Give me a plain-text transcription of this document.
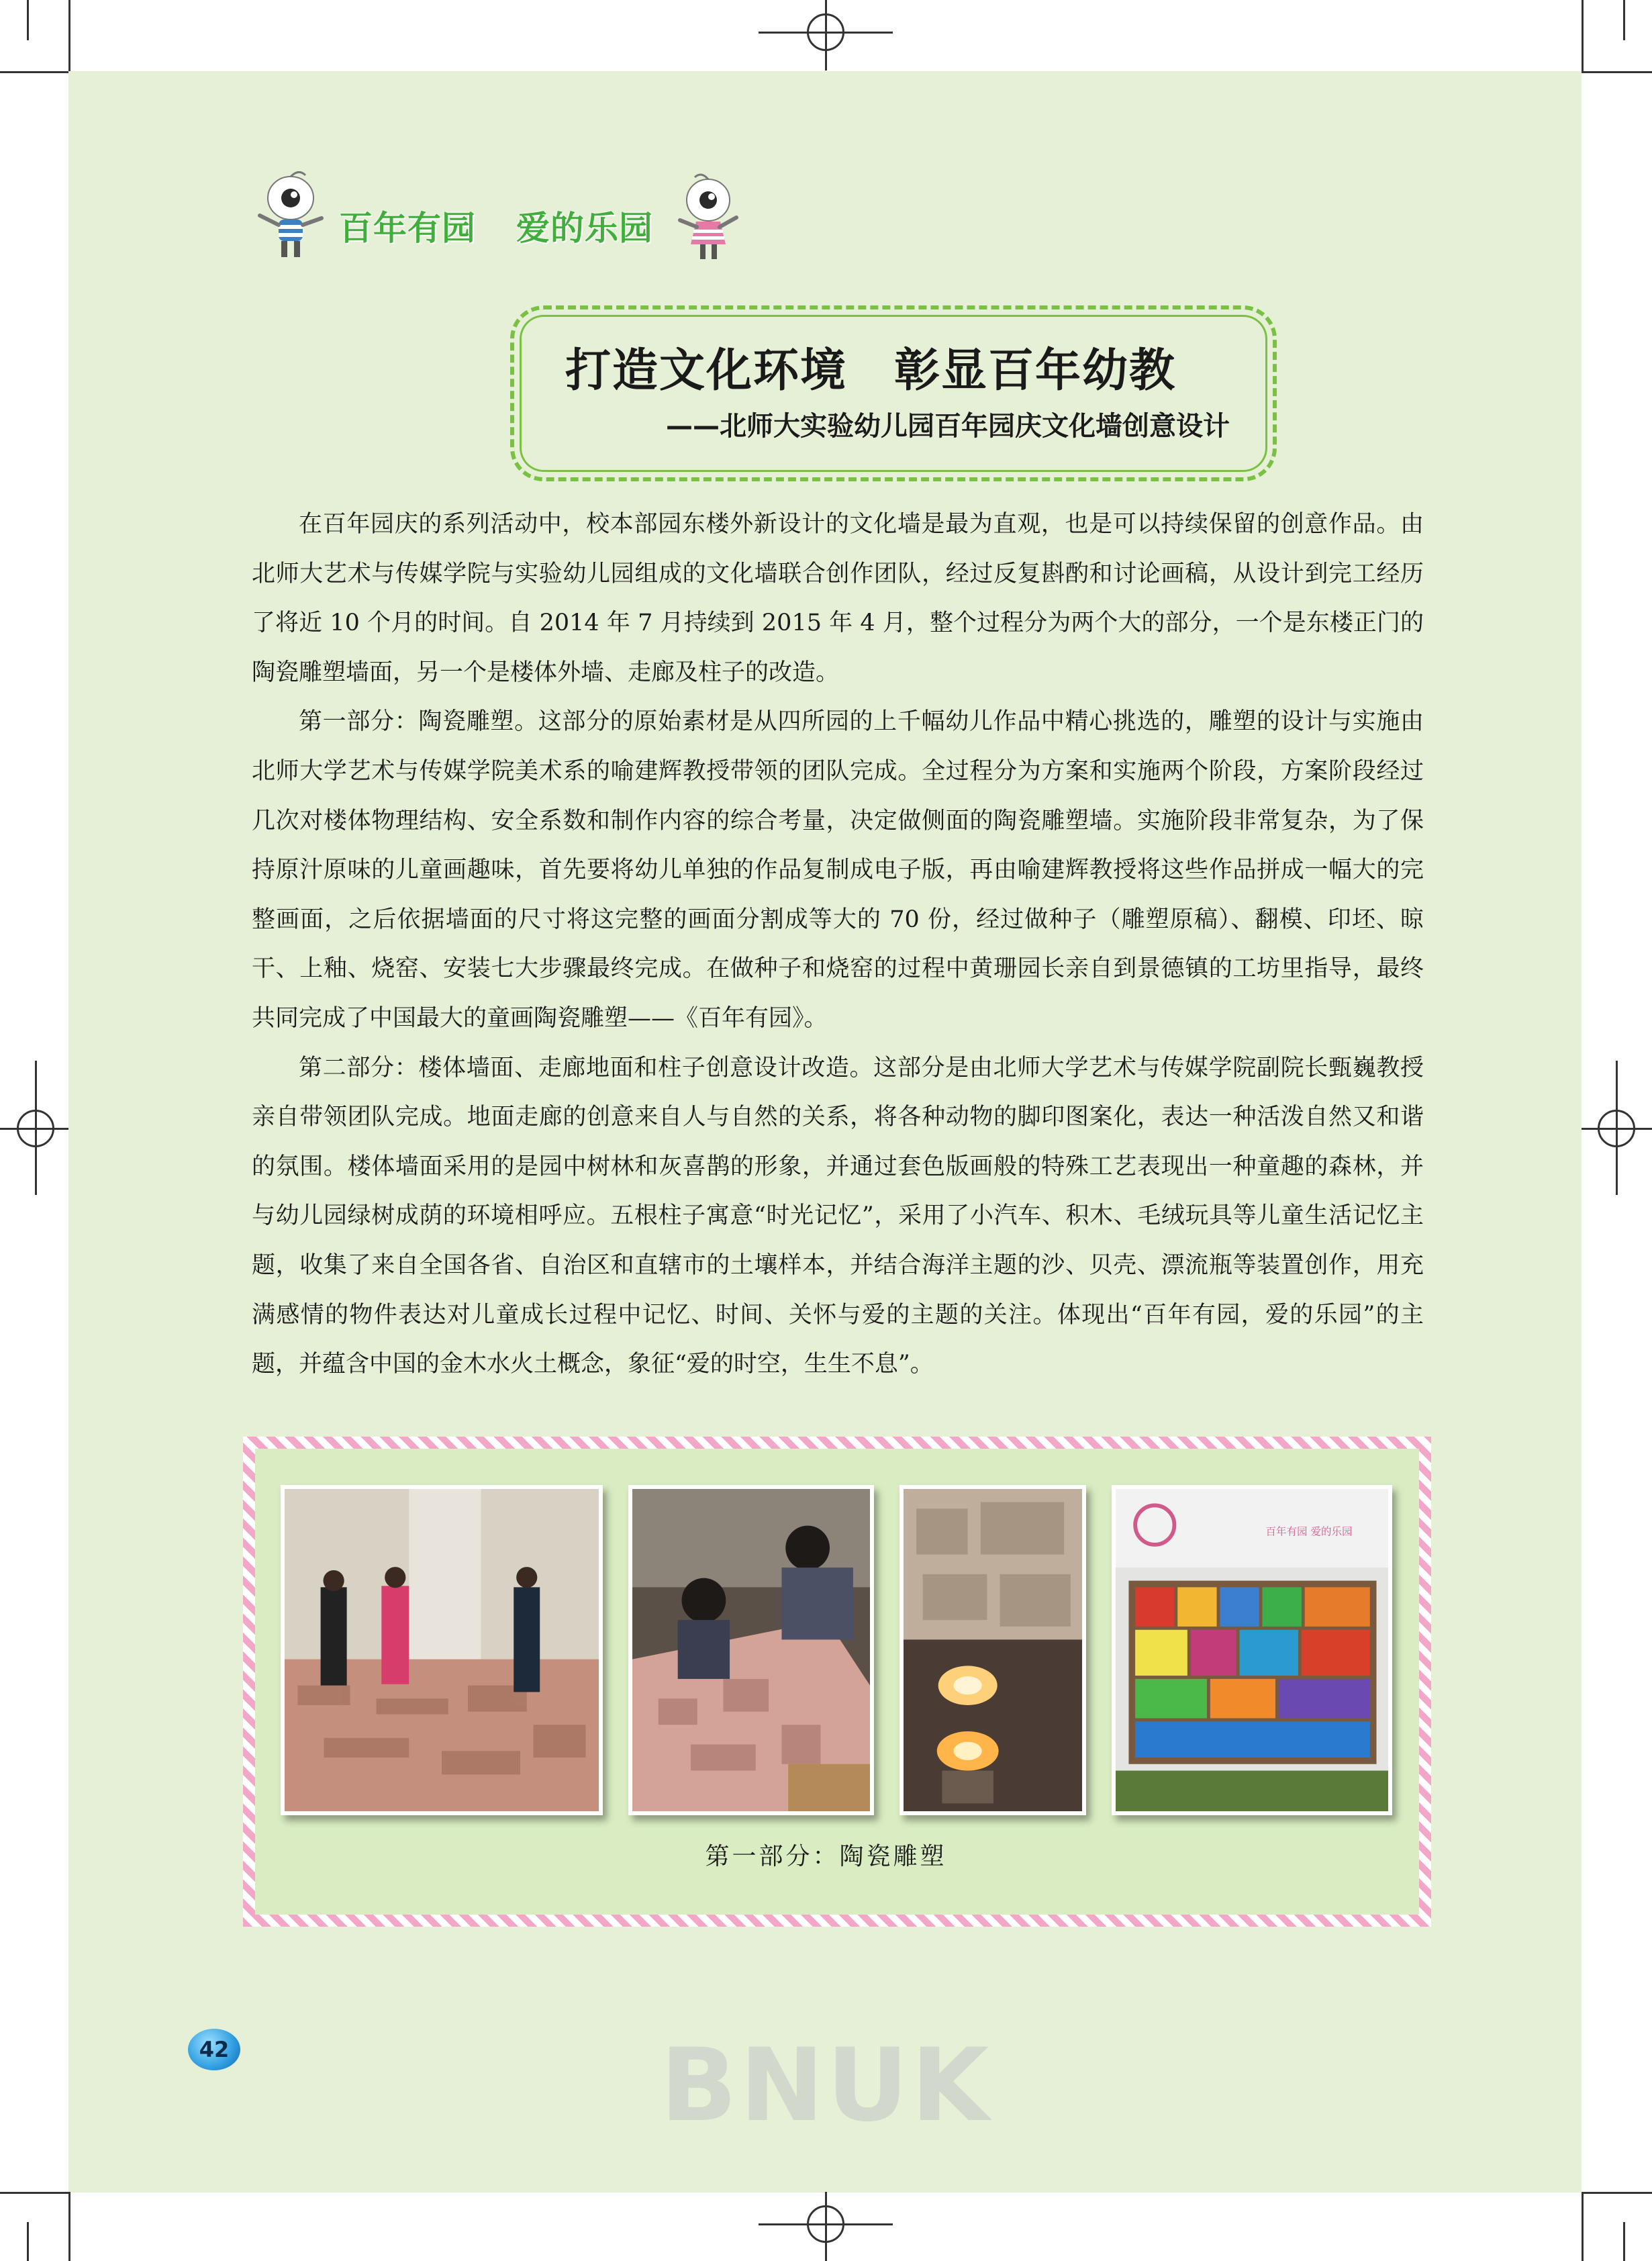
百年有园 爱的乐园
打造文化环境 彰显百年幼教
——北师大实验幼儿园百年园庆文化墙创意设计

在百年园庆的系列活动中，校本部园东楼外新设计的文化墙是最为直观，也是可以持续保留的创意作品。由北师大艺术与传媒学院与实验幼儿园组成的文化墙联合创作团队，经过反复斟酌和讨论画稿，从设计到完工经历了将近 10 个月的时间。自 2014 年 7 月持续到 2015 年 4 月，整个过程分为两个大的部分，一个是东楼正门的陶瓷雕塑墙面，另一个是楼体外墙、走廊及柱子的改造。

第一部分：陶瓷雕塑。这部分的原始素材是从四所园的上千幅幼儿作品中精心挑选的，雕塑的设计与实施由北师大学艺术与传媒学院美术系的喻建辉教授带领的团队完成。全过程分为方案和实施两个阶段，方案阶段经过几次对楼体物理结构、安全系数和制作内容的综合考量，决定做侧面的陶瓷雕塑墙。实施阶段非常复杂，为了保持原汁原味的儿童画趣味，首先要将幼儿单独的作品复制成电子版，再由喻建辉教授将这些作品拼成一幅大的完整画面，之后依据墙面的尺寸将这完整的画面分割成等大的 70 份，经过做种子（雕塑原稿）、翻模、印坯、晾干、上釉、烧窑、安装七大步骤最终完成。在做种子和烧窑的过程中黄珊园长亲自到景德镇的工坊里指导，最终共同完成了中国最大的童画陶瓷雕塑——《百年有园》。

第二部分：楼体墙面、走廊地面和柱子创意设计改造。这部分是由北师大学艺术与传媒学院副院长甄巍教授亲自带领团队完成。地面走廊的创意来自人与自然的关系，将各种动物的脚印图案化，表达一种活泼自然又和谐的氛围。楼体墙面采用的是园中树林和灰喜鹊的形象，并通过套色版画般的特殊工艺表现出一种童趣的森林，并与幼儿园绿树成荫的环境相呼应。五根柱子寓意“时光记忆”，采用了小汽车、积木、毛绒玩具等儿童生活记忆主题，收集了来自全国各省、自治区和直辖市的土壤样本，并结合海洋主题的沙、贝壳、漂流瓶等装置创作，用充满感情的物件表达对儿童成长过程中记忆、时间、关怀与爱的主题的关注。体现出“百年有园，爱的乐园”的主题，并蕴含中国的金木水火土概念，象征“爱的时空，生生不息”。

百年有园 爱的乐园
第一部分：陶瓷雕塑
42	BNUK
